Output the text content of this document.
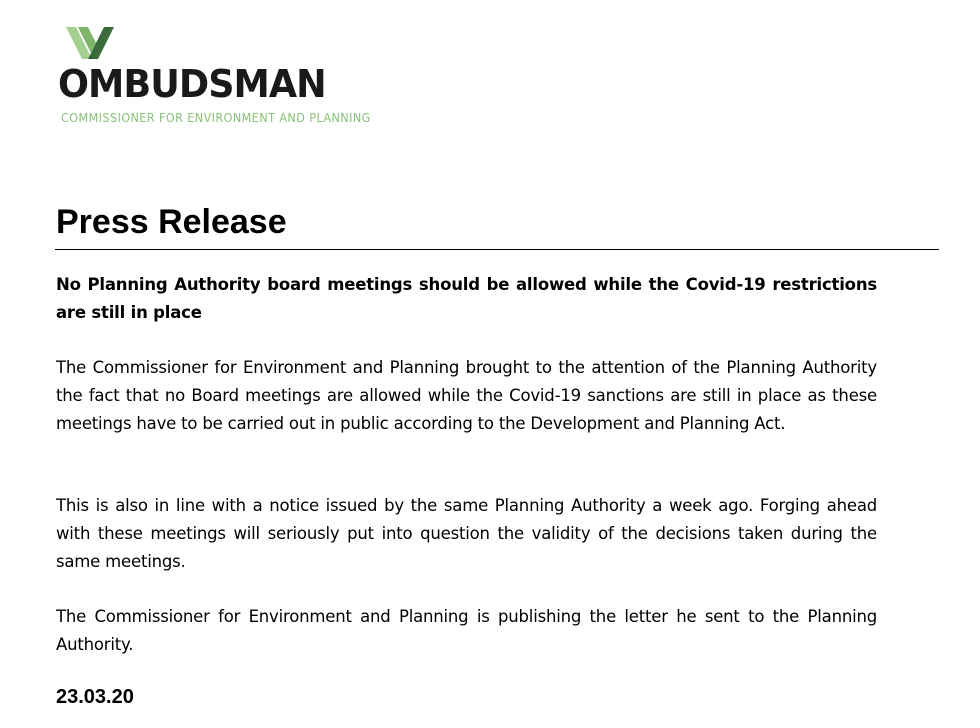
OMBUDSMAN
COMMISSIONER FOR ENVIRONMENT AND PLANNING
Press Release

No Planning Authority board meetings should be allowed while the Covid-19 restrictions are still in place

The Commissioner for Environment and Planning brought to the attention of the Planning Authority the fact that no Board meetings are allowed while the Covid-19 sanctions are still in place as these meetings have to be carried out in public according to the Development and Planning Act.

This is also in line with a notice issued by the same Planning Authority a week ago. Forging ahead with these meetings will seriously put into question the validity of the decisions taken during the same meetings.

The Commissioner for Environment and Planning is publishing the letter he sent to the Planning Authority.

23.03.20
